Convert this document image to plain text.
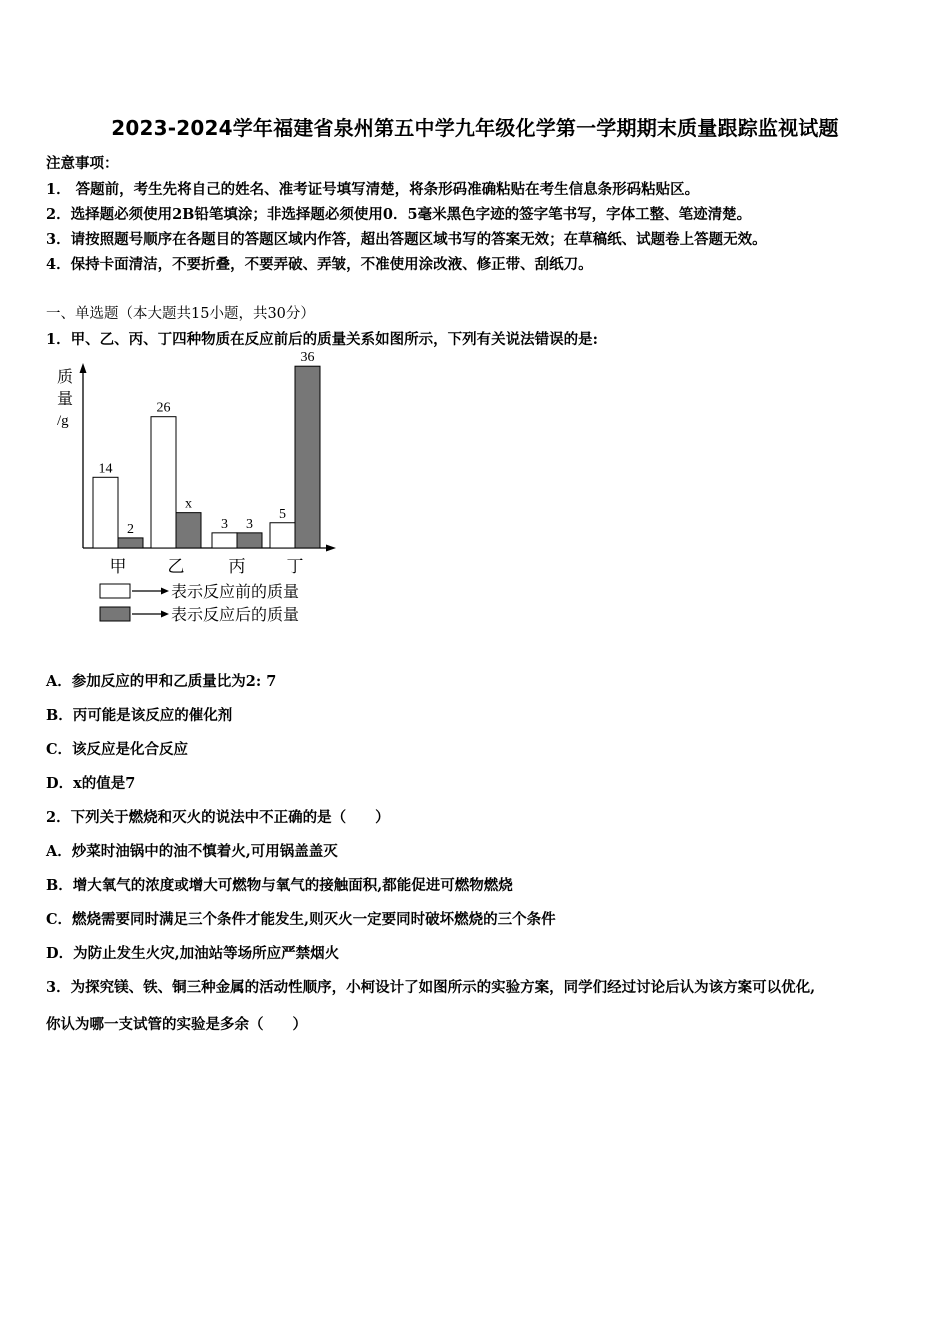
2023-2024学年福建省泉州第五中学九年级化学第一学期期末质量跟踪监视试题
注意事项：
1． 答题前，考生先将自己的姓名、准考证号填写清楚，将条形码准确粘贴在考生信息条形码粘贴区。
2．选择题必须使用2B铅笔填涂；非选择题必须使用0．5毫米黑色字迹的签字笔书写，字体工整、笔迹清楚。
3．请按照题号顺序在各题目的答题区域内作答，超出答题区域书写的答案无效；在草稿纸、试题卷上答题无效。
4．保持卡面清洁，不要折叠，不要弄破、弄皱，不准使用涂改液、修正带、刮纸刀。
一、单选题（本大题共15小题，共30分）
1．甲、乙、丙、丁四种物质在反应前后的质量关系如图所示，下列有关说法错误的是:
质
量
/g
14
2
26
x
3 3
5
36
甲 乙	丙 丁
表示反应前的质量
表示反应后的质量
A．参加反应的甲和乙质量比为2: 7
B．丙可能是该反应的催化剂
C．该反应是化合反应
D．x的值是7
2．下列关于燃烧和灭火的说法中不正确的是（　　）
A．炒菜时油锅中的油不慎着火,可用锅盖盖灭
B．增大氧气的浓度或增大可燃物与氧气的接触面积,都能促进可燃物燃烧
C．燃烧需要同时满足三个条件才能发生,则灭火一定要同时破坏燃烧的三个条件
D．为防止发生火灾,加油站等场所应严禁烟火
3．为探究镁、铁、铜三种金属的活动性顺序，小柯设计了如图所示的实验方案，同学们经过讨论后认为该方案可以优化,
你认为哪一支试管的实验是多余（　　）
